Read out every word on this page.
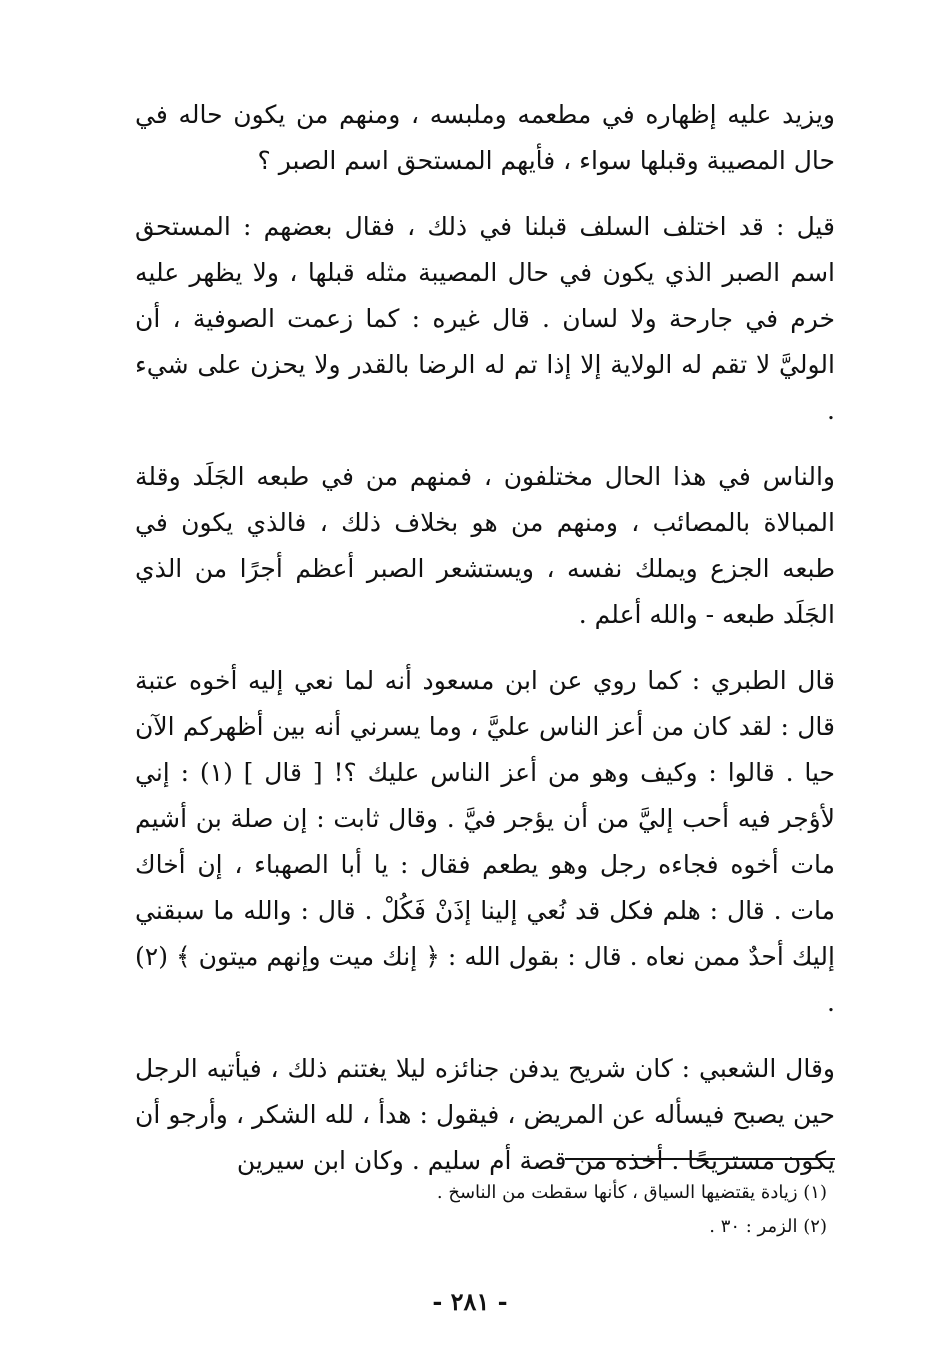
ويزيد عليه إظهاره في مطعمه وملبسه ، ومنهم من يكون حاله في حال المصيبة وقبلها سواء ، فأيهم المستحق اسم الصبر ؟

قيل : قد اختلف السلف قبلنا في ذلك ، فقال بعضهم : المستحق اسم الصبر الذي يكون في حال المصيبة مثله قبلها ، ولا يظهر عليه خرم في جارحة ولا لسان . قال غيره : كما زعمت الصوفية ، أن الوليَّ لا تقم له الولاية إلا إذا تم له الرضا بالقدر ولا يحزن على شيء .

والناس في هذا الحال مختلفون ، فمنهم من في طبعه الجَلَد وقلة المبالاة بالمصائب ، ومنهم من هو بخلاف ذلك ، فالذي يكون في طبعه الجزع ويملك نفسه ، ويستشعر الصبر أعظم أجرًا من الذي الجَلَد طبعه - والله أعلم .

قال الطبري : كما روي عن ابن مسعود أنه لما نعي إليه أخوه عتبة قال : لقد كان من أعز الناس عليَّ ، وما يسرني أنه بين أظهركم الآن حيا . قالوا : وكيف وهو من أعز الناس عليك ؟! [ قال ] (١) : إني لأؤجر فيه أحب إليَّ من أن يؤجر فيَّ . وقال ثابت : إن صلة بن أشيم مات أخوه فجاءه رجل وهو يطعم فقال : يا أبا الصهباء ، إن أخاك مات . قال : هلم فكل قد نُعي إلينا إذَنْ فَكُلْ . قال : والله ما سبقني إليك أحدٌ ممن نعاه . قال : بقول الله : ﴿ إنك ميت وإنهم ميتون ﴾ (٢) .

وقال الشعبي : كان شريح يدفن جنائزه ليلا يغتنم ذلك ، فيأتيه الرجل حين يصبح فيسأله عن المريض ، فيقول : هدأ ، لله الشكر ، وأرجو أن يكون مستريحًا . أخذه من قصة أم سليم . وكان ابن سيرين

(١) زيادة يقتضيها السياق ، كأنها سقطت من الناسخ .
(٢) الزمر : ٣٠ .
- ٢٨١ -
